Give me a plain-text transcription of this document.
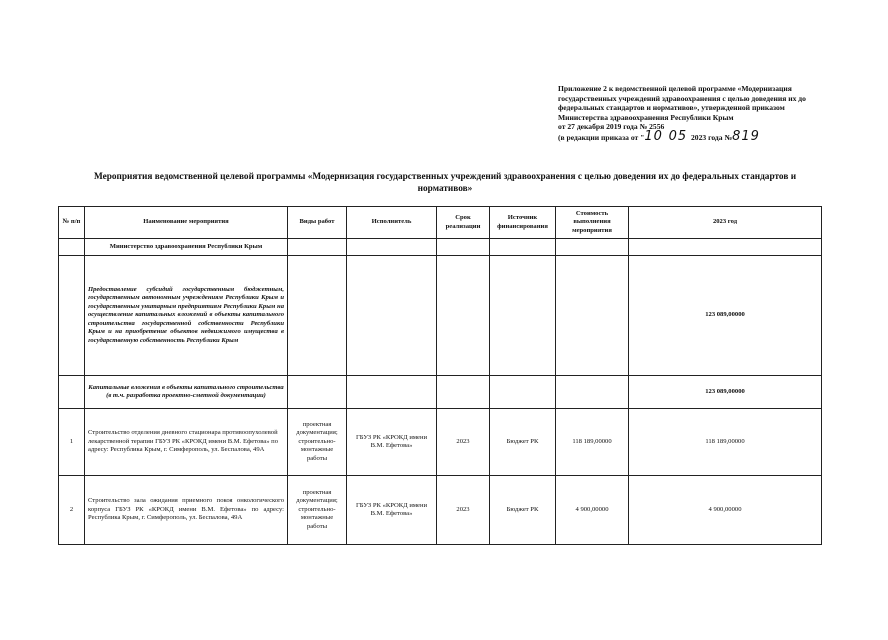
Приложение 2 к ведомственной целевой программе «Модернизация
государственных учреждений здравоохранения с целью доведения их до
федеральных стандартов и нормативов», утвержденной приказом
Министерства здравоохранения Республики Крым
от 27 декабря 2019 года № 2556
(в редакции приказа от "10 05 2023 года №819
Мероприятия ведомственной целевой программы «Модернизация государственных учреждений здравоохранения с целью доведения их до федеральных стандартов и нормативов»
№ п/п	Наименование мероприятия	Виды работ	Исполнитель	Срок реализации	Источник финансирования	Стоимость выполнения мероприятия	2023 год
	Министерство здравоохранения Республики Крым						
	Предоставление субсидий государственным бюджетным, государственным автономным учреждениям Республики Крым и государственным унитарным предприятиям Республики Крым на осуществление капитальных вложений в объекты капитального строительства государственной собственности Республики Крым и на приобретение объектов недвижимого имущества в государственную собственность Республики Крым						123 089,00000
	Капитальные вложения в объекты капитального строительства (в т.ч. разработка проектно-сметной документации)						123 089,00000
1	Строительство отделения дневного стационара противоопухолевой лекарственной терапии ГБУЗ РК «КРОКД имени В.М. Ефетова» по адресу: Республика Крым, г. Симферополь, ул. Беспалова, 49А	проектная документация; строительно-монтажные работы	ГБУЗ РК «КРОКД имени В.М. Ефетова»	2023	Бюджет РК	118 189,00000	118 189,00000
2	Строительство зала ожидания приемного покоя онкологического корпуса ГБУЗ РК «КРОКД имени В.М. Ефетова» по адресу: Республика Крым, г. Симферополь, ул. Беспалова, 49А	проектная документация; строительно-монтажные работы	ГБУЗ РК «КРОКД имени В.М. Ефетова»	2023	Бюджет РК	4 900,00000	4 900,00000
